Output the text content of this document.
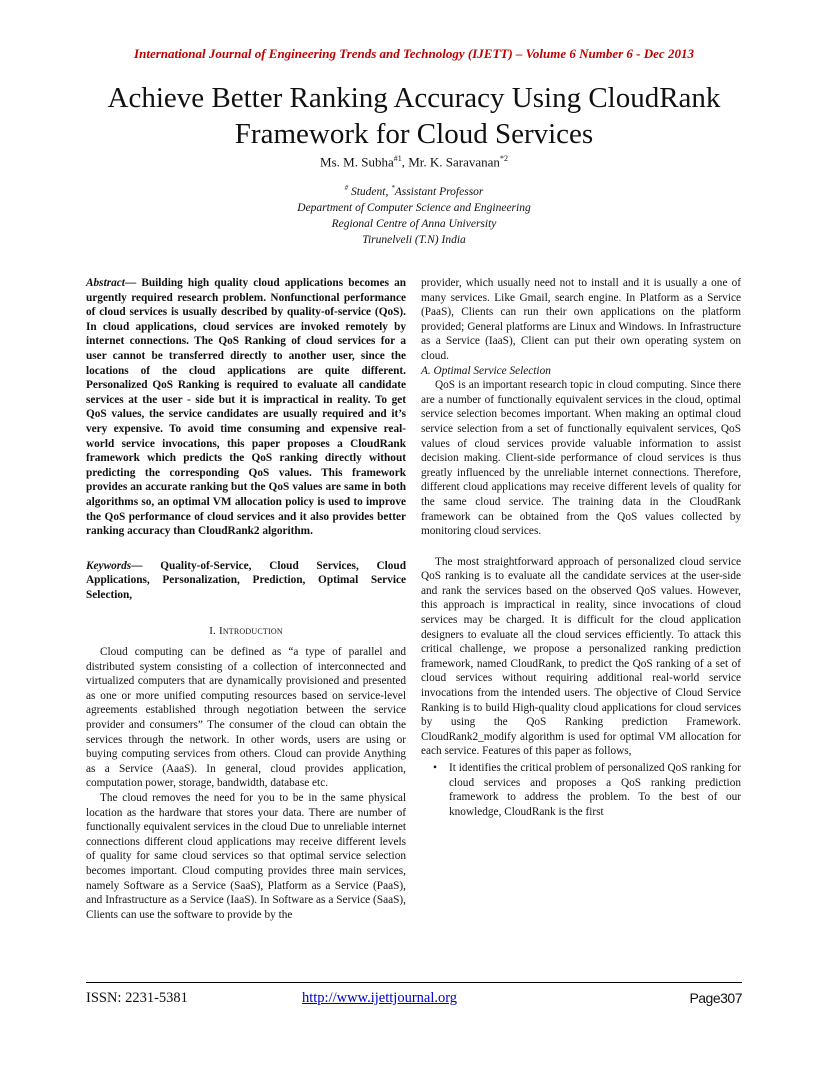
International Journal of Engineering Trends and Technology (IJETT) – Volume 6 Number 6 - Dec 2013
Achieve Better Ranking Accuracy Using CloudRank Framework for Cloud Services
Ms. M. Subha$^{\#1}$, Mr. K. Saravanan$^{*2}$
# Student, *Assistant Professor
Department of Computer Science and Engineering
Regional Centre of Anna University
Tirunelveli (T.N) India

Abstract— Building high quality cloud applications becomes an urgently required research problem. Nonfunctional performance of cloud services is usually described by quality-of-service (QoS). In cloud applications, cloud services are invoked remotely by internet connections. The QoS Ranking of cloud services for a user cannot be transferred directly to another user, since the locations of the cloud applications are quite different. Personalized QoS Ranking is required to evaluate all candidate services at the user - side but it is impractical in reality. To get QoS values, the service candidates are usually required and it’s very expensive. To avoid time consuming and expensive real-world service invocations, this paper proposes a CloudRank framework which predicts the QoS ranking directly without predicting the corresponding QoS values. This framework provides an accurate ranking but the QoS values are same in both algorithms so, an optimal VM allocation policy is used to improve the QoS performance of cloud services and it also provides better ranking accuracy than CloudRank2 algorithm.

Keywords— Quality-of-Service, Cloud Services, Cloud Applications, Personalization, Prediction, Optimal Service Selection,

I. Introduction

Cloud computing can be defined as “a type of parallel and distributed system consisting of a collection of interconnected and virtualized computers that are dynamically provisioned and presented as one or more unified computing resources based on service-level agreements established through negotiation between the service provider and consumers” The consumer of the cloud can obtain the services through the network. In other words, users are using or buying computing services from others. Cloud can provide Anything as a Service (AaaS). In general, cloud provides application, computation power, storage, bandwidth, database etc.

The cloud removes the need for you to be in the same physical location as the hardware that stores your data. There are number of functionally equivalent services in the cloud Due to unreliable internet connections different cloud applications may receive different levels of quality for same cloud services so that optimal service selection becomes important. Cloud computing provides three main services, namely Software as a Service (SaaS), Platform as a Service (PaaS), and Infrastructure as a Service (IaaS). In Software as a Service (SaaS), Clients can use the software to provide by the

provider, which usually need not to install and it is usually a one of many services. Like Gmail, search engine. In Platform as a Service (PaaS), Clients can run their own applications on the platform provided; General platforms are Linux and Windows. In Infrastructure as a Service (IaaS), Client can put their own operating system on cloud.

A. Optimal Service Selection

QoS is an important research topic in cloud computing. Since there are a number of functionally equivalent services in the cloud, optimal service selection becomes important. When making an optimal cloud service selection from a set of functionally equivalent services, QoS values of cloud services provide valuable information to assist decision making. Client-side performance of cloud services is thus greatly influenced by the unreliable internet connections. Therefore, different cloud applications may receive different levels of quality for the same cloud service. The training data in the CloudRank framework can be obtained from the QoS values collected by monitoring cloud services.

The most straightforward approach of personalized cloud service QoS ranking is to evaluate all the candidate services at the user-side and rank the services based on the observed QoS values. However, this approach is impractical in reality, since invocations of cloud services may be charged. It is difficult for the cloud application designers to evaluate all the cloud services efficiently. To attack this critical challenge, we propose a personalized ranking prediction framework, named CloudRank, to predict the QoS ranking of a set of cloud services without requiring additional real-world service invocations from the intended users. The objective of Cloud Service Ranking is to build High-quality cloud applications for cloud services by using the QoS Ranking prediction Framework. CloudRank2_modify algorithm is used for optimal VM allocation for each service. Features of this paper as follows,

•	It identifies the critical problem of personalized QoS ranking for cloud services and proposes a QoS ranking prediction framework to address the problem. To the best of our knowledge, CloudRank is the first
ISSN: 2231-5381	http://www.ijettjournal.org	Page307
